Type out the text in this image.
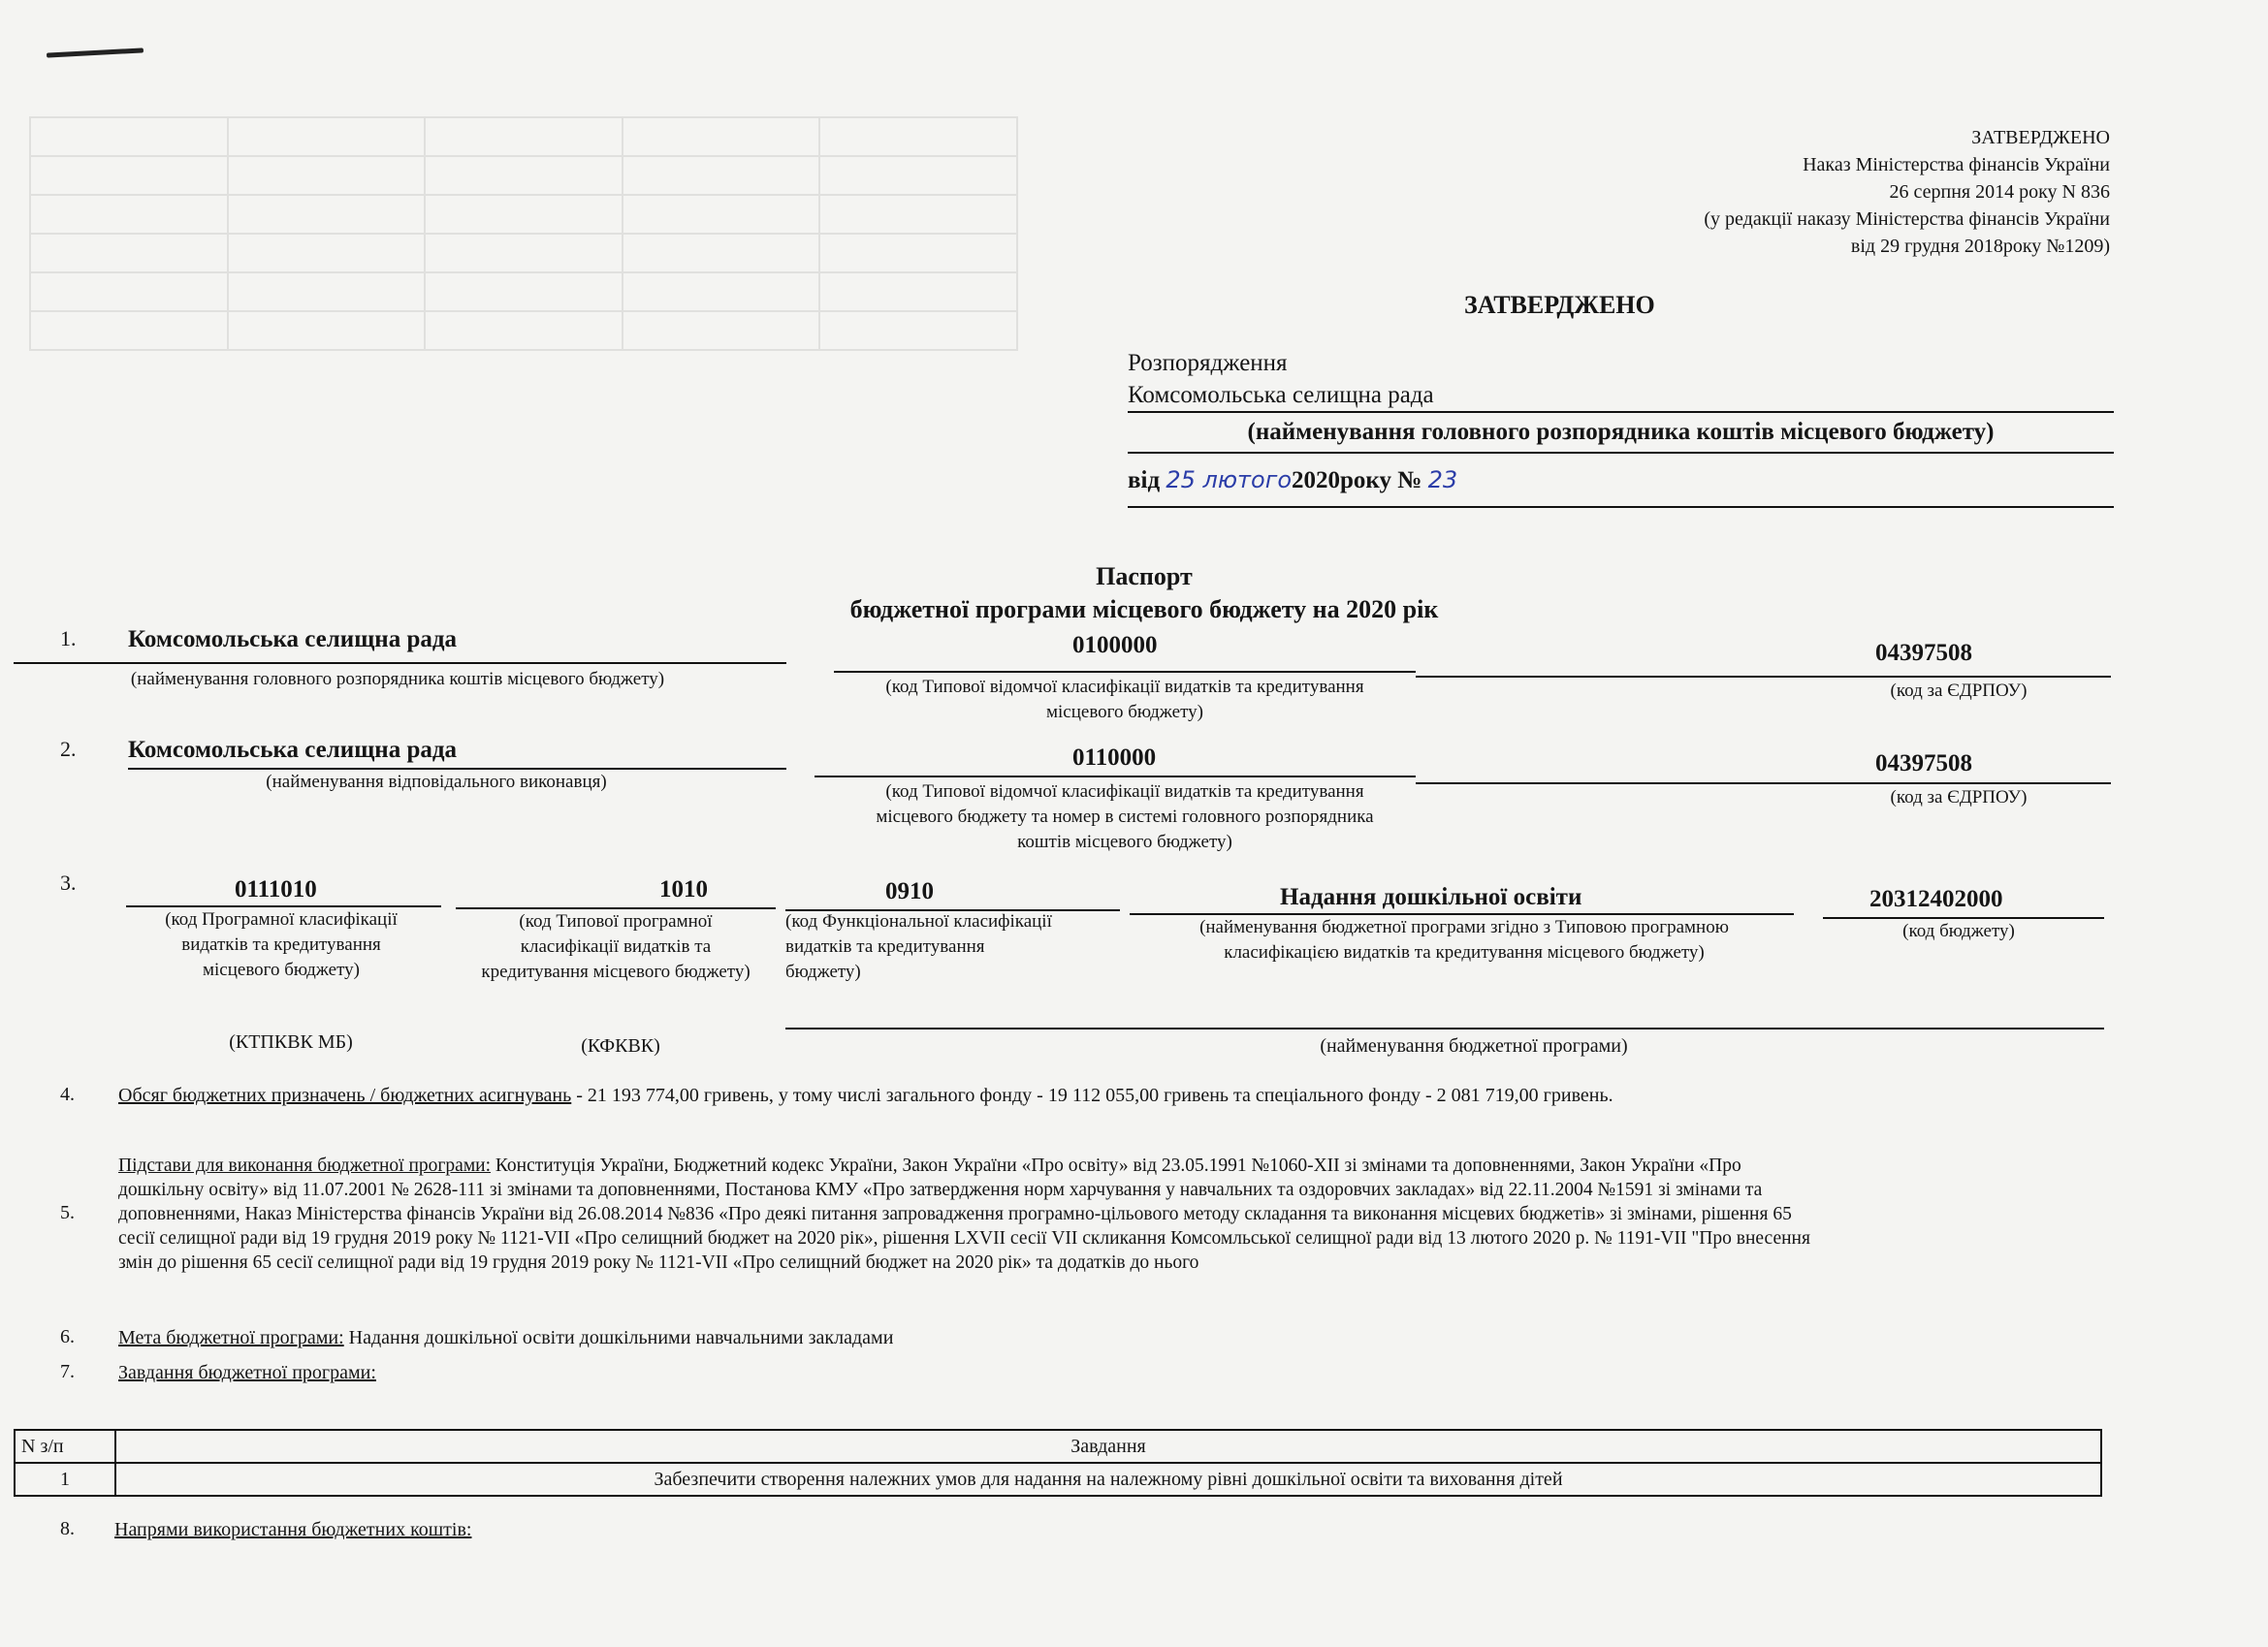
ЗАТВЕРДЖЕНО
Наказ Міністерства фінансів України
26 серпня 2014 року N 836
(у редакції наказу Міністерства фінансів України
від 29 грудня 2018року №1209)
ЗАТВЕРДЖЕНО
Розпорядження
Комсомольська селищна рада
(найменування головного розпорядника коштів місцевого бюджету)
від 25 лютого2020року № 23
Паспорт
бюджетної програми місцевого бюджету на 2020 рік
1. Комсомольська селищна рада	0100000	04397508
(найменування головного розпорядника коштів місцевого бюджету)	(код Типової відомчої класифікації видатків та кредитування
місцевого бюджету)
(код за ЄДРПОУ)
2. Комсомольська селищна рада	0110000	04397508
(найменування відповідального виконавця)	(код Типової відомчої класифікації видатків та кредитування
місцевого бюджету та номер в системі головного розпорядника
коштів місцевого бюджету)
(код за ЄДРПОУ)
3.	0111010	1010	0910	Надання дошкільної освіти	20312402000
(код Програмної класифікації
видатків та кредитування
місцевого бюджету)
(код Типової програмної
класифікації видатків та
кредитування місцевого бюджету)
(код Функціональної класифікації
видатків та кредитування
бюджету)
(найменування бюджетної програми згідно з Типовою програмною
класифікацією видатків та кредитування місцевого бюджету)
(код бюджету)
(КТПКВК МБ)	(КФКВК)	(найменування бюджетної програми)
4. Обсяг бюджетних призначень / бюджетних асигнувань - 21 193 774,00 гривень, у тому числі загального фонду - 19 112 055,00 гривень та спеціального фонду - 2 081 719,00 гривень.
5.
Підстави для виконання бюджетної програми: Конституція України, Бюджетний кодекс України, Закон України «Про освіту» від 23.05.1991 №1060-ХІІ зі змінами та доповненнями, Закон України «Про
дошкільну освіту» від 11.07.2001 № 2628-111 зі змінами та доповненнями, Постанова КМУ «Про затвердження норм харчування у навчальних та оздоровчих закладах» від 22.11.2004 №1591 зі змінами та
доповненнями, Наказ Міністерства фінансів України від 26.08.2014 №836 «Про деякі питання запровадження програмно-цільового методу складання та виконання місцевих бюджетів» зі змінами, рішення 65
сесії селищної ради від 19 грудня 2019 року № 1121-VII «Про селищний бюджет на 2020 рік», рішення LXVII сесії VII скликання Комсомльської селищної ради від 13 лютого 2020 р. № 1191-VII "Про внесення
змін до рішення 65 сесії селищної ради від 19 грудня 2019 року № 1121-VII «Про селищний бюджет на 2020 рік» та додатків до нього
6. Мета бюджетної програми: Надання дошкільної освіти дошкільними навчальними закладами
7. Завдання бюджетної програми:
N з/п	Завдання
1	Забезпечити створення належних умов для надання на належному рівні дошкільної освіти та виховання дітей
8. Напрями використання бюджетних коштів:
